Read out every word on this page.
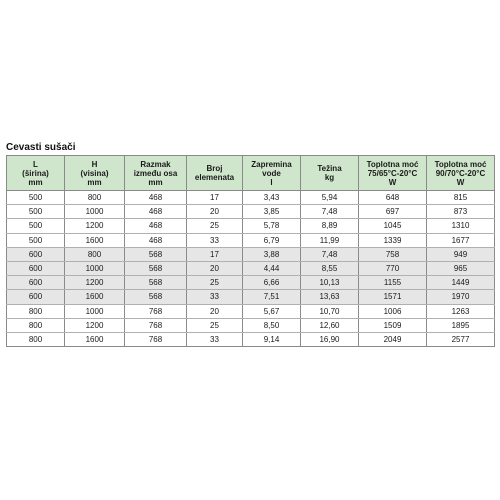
Cevasti sušači
L
(širina)
mm	H
(visina)
mm	Razmak
između osa
mm	Broj
elemenata	Zapremina
vode
l	Težina
kg	Toplotna moć
75/65°C-20°C
W	Toplotna moć
90/70°C-20°C
W
500	800	468	17	3,43	5,94	648	815
500	1000	468	20	3,85	7,48	697	873
500	1200	468	25	5,78	8,89	1045	1310
500	1600	468	33	6,79	11,99	1339	1677
600	800	568	17	3,88	7,48	758	949
600	1000	568	20	4,44	8,55	770	965
600	1200	568	25	6,66	10,13	1155	1449
600	1600	568	33	7,51	13,63	1571	1970
800	1000	768	20	5,67	10,70	1006	1263
800	1200	768	25	8,50	12,60	1509	1895
800	1600	768	33	9,14	16,90	2049	2577
